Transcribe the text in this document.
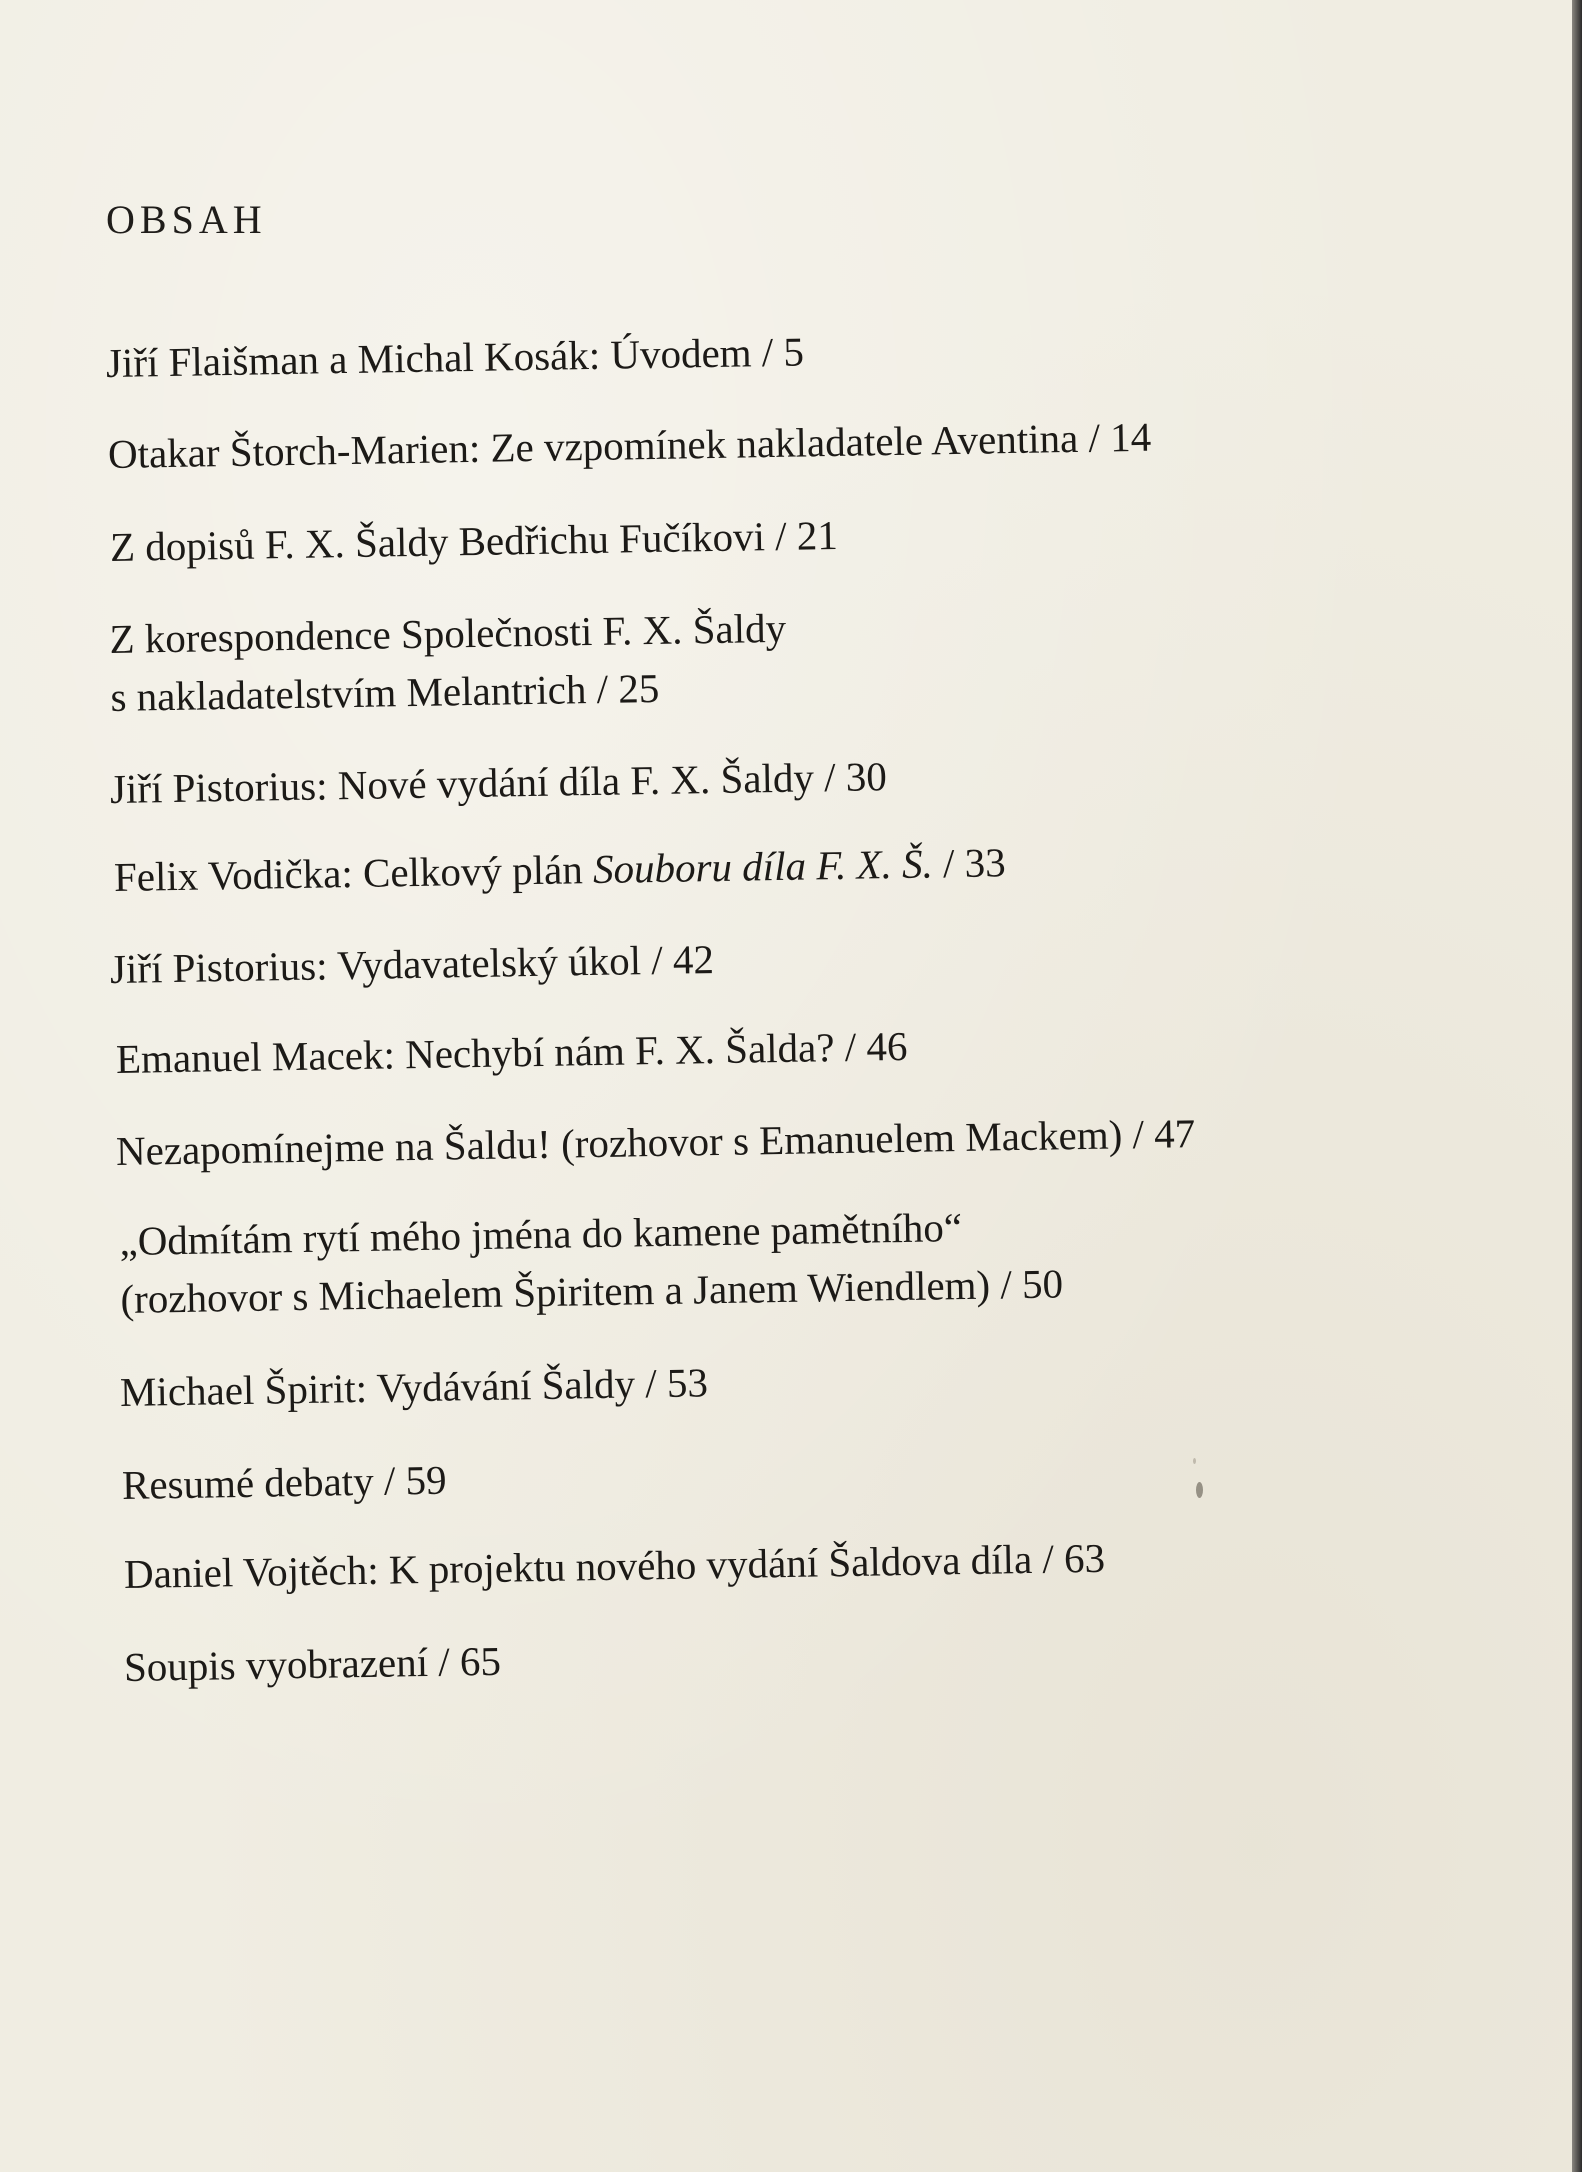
OBSAH
Jiří Flaišman a Michal Kosák: Úvodem / 5
Otakar Štorch-Marien: Ze vzpomínek nakladatele Aventina / 14
Z dopisů F. X. Šaldy Bedřichu Fučíkovi / 21
Z korespondence Společnosti F. X. Šaldy
s nakladatelstvím Melantrich / 25
Jiří Pistorius: Nové vydání díla F. X. Šaldy / 30
Felix Vodička: Celkový plán Souboru díla F. X. Š. / 33
Jiří Pistorius: Vydavatelský úkol / 42
Emanuel Macek: Nechybí nám F. X. Šalda? / 46
Nezapomínejme na Šaldu! (rozhovor s Emanuelem Mackem) / 47
„Odmítám rytí mého jména do kamene pamětního“
(rozhovor s Michaelem Špiritem a Janem Wiendlem) / 50
Michael Špirit: Vydávání Šaldy / 53
Resumé debaty / 59
Daniel Vojtěch: K projektu nového vydání Šaldova díla / 63
Soupis vyobrazení / 65
